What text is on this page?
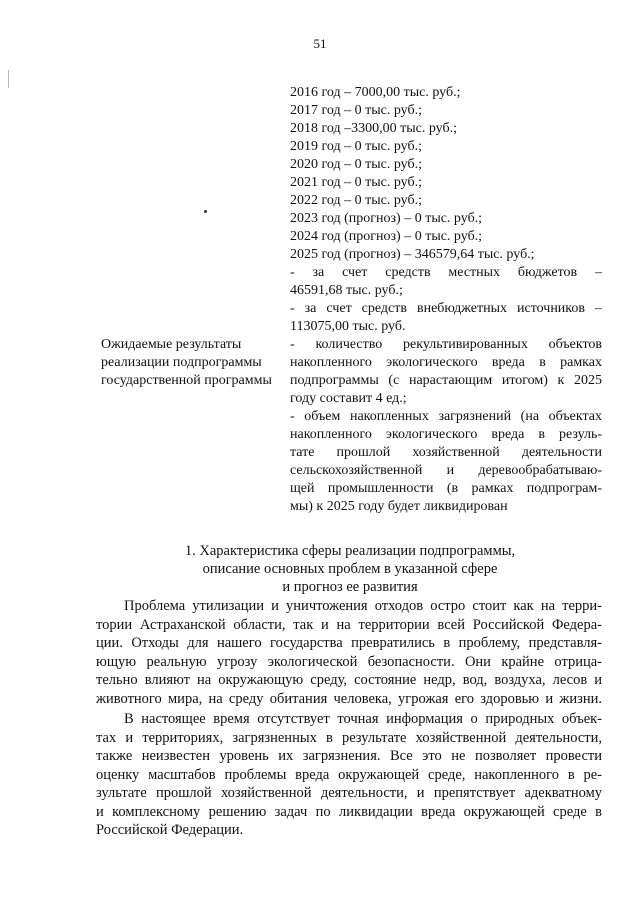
51
2016 год – 7000,00 тыс. руб.;
2017 год – 0 тыс. руб.;
2018 год –3300,00 тыс. руб.;
2019 год – 0 тыс. руб.;
2020 год – 0 тыс. руб.;
2021 год – 0 тыс. руб.;
2022 год – 0 тыс. руб.;
2023 год (прогноз) – 0 тыс. руб.;
2024 год (прогноз) – 0 тыс. руб.;
2025 год (прогноз) – 346579,64 тыс. руб.;
- за счет средств местных бюджетов –
46591,68 тыс. руб.;
- за счет средств внебюджетных источников –
113075,00 тыс. руб.
Ожидаемые результаты
реализации подпрограммы
государственной программы
- количество рекультивированных объектов
накопленного экологического вреда в рамках
подпрограммы (с нарастающим итогом) к 2025
году составит 4 ед.;
- объем накопленных загрязнений (на объектах
накопленного экологического вреда в резуль-
тате прошлой хозяйственной деятельности
сельскохозяйственной и деревообрабатываю-
щей промышленности (в рамках подпрограм-
мы) к 2025 году будет ликвидирован
1. Характеристика сферы реализации подпрограммы,
описание основных проблем в указанной сфере
и прогноз ее развития
Проблема утилизации и уничтожения отходов остро стоит как на терри-
тории Астраханской области, так и на территории всей Российской Федера-
ции. Отходы для нашего государства превратились в проблему, представля-
ющую реальную угрозу экологической безопасности. Они крайне отрица-
тельно влияют на окружающую среду, состояние недр, вод, воздуха, лесов и
животного мира, на среду обитания человека, угрожая его здоровью и жизни.
В настоящее время отсутствует точная информация о природных объек-
тах и территориях, загрязненных в результате хозяйственной деятельности,
также неизвестен уровень их загрязнения. Все это не позволяет провести
оценку масштабов проблемы вреда окружающей среде, накопленного в ре-
зультате прошлой хозяйственной деятельности, и препятствует адекватному
и комплексному решению задач по ликвидации вреда окружающей среде в
Российской Федерации.
